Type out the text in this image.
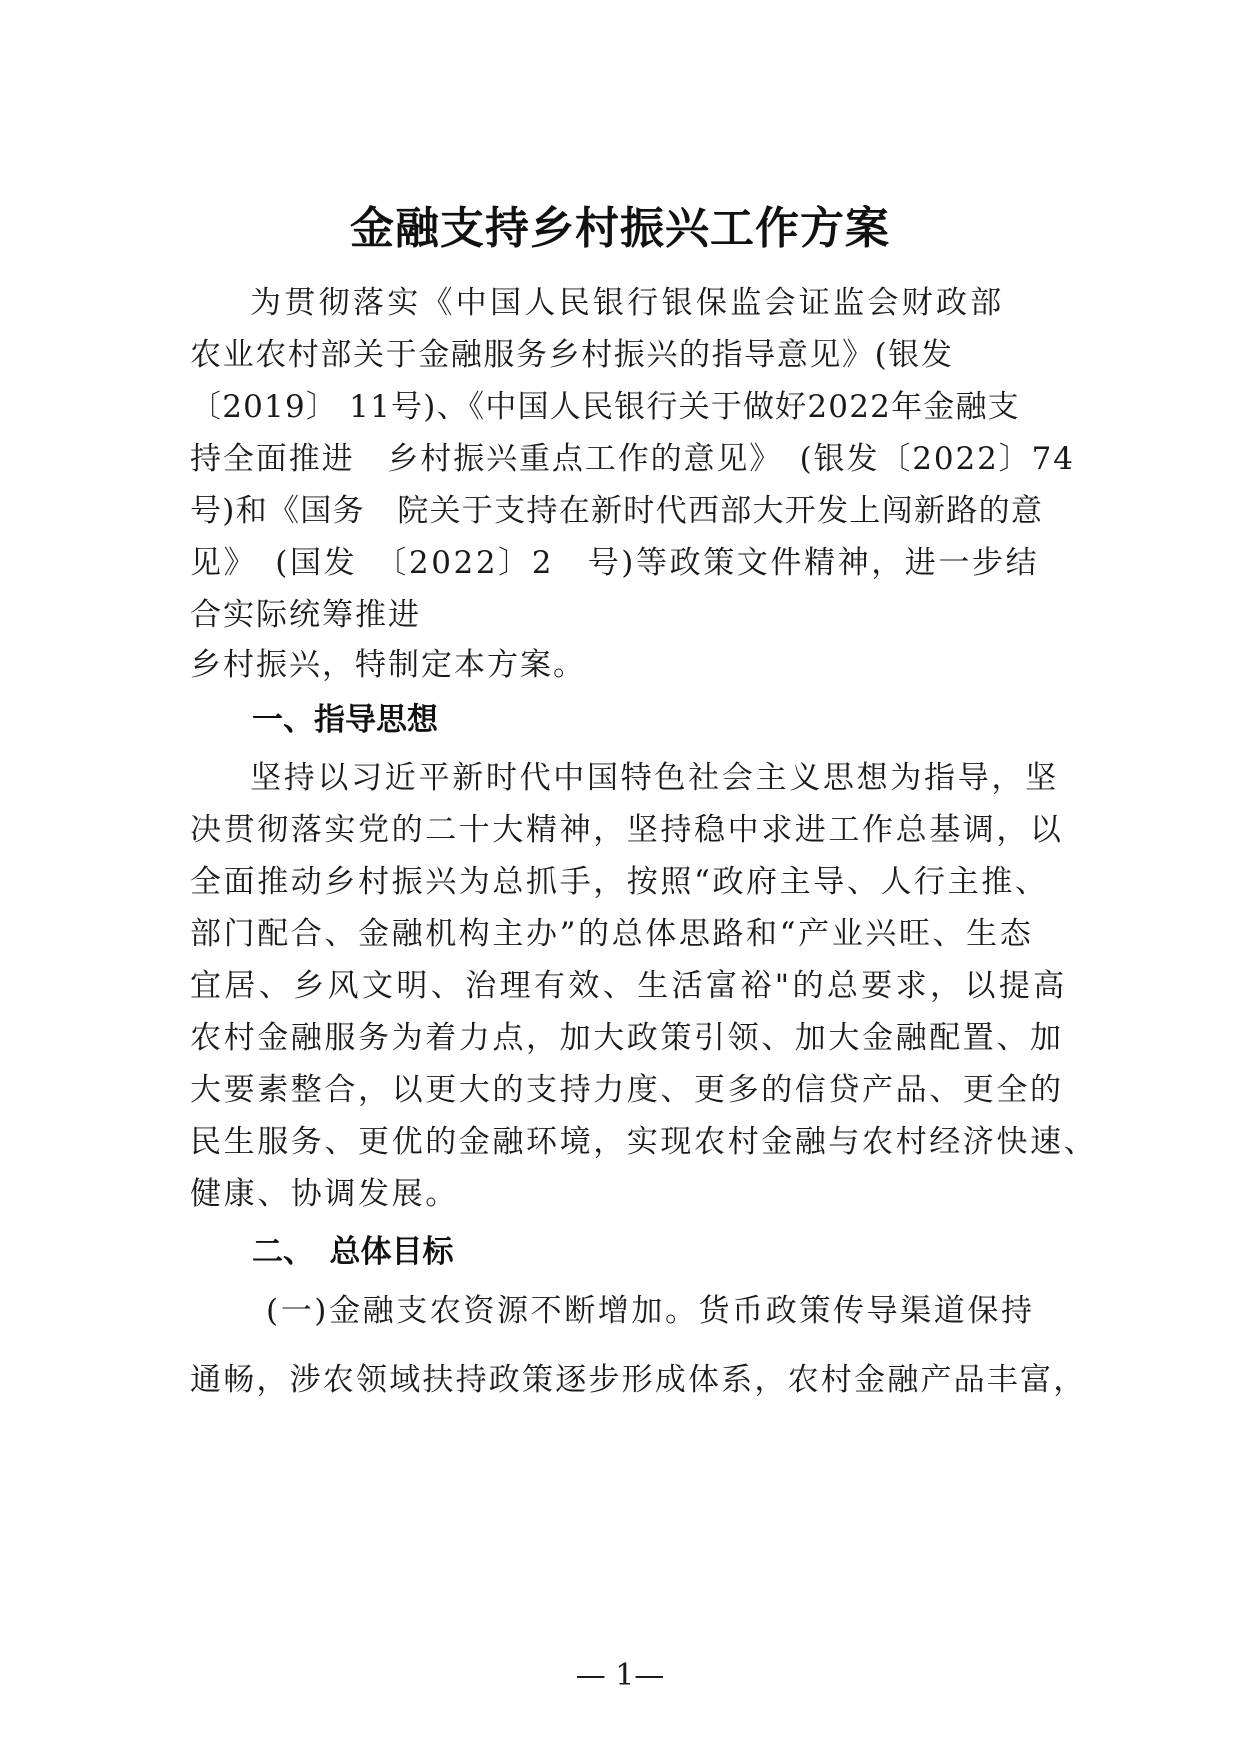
金融支持乡村振兴工作方案
为贯彻落实《中国人民银行银保监会证监会财政部
农业农村部关于金融服务乡村振兴的指导意见》(银发
〔2019〕 11号)、《中国人民银行关于做好2022年金融支
持全面推进　乡村振兴重点工作的意见》　(银发〔2022〕74
号)和《国务　院关于支持在新时代西部大开发上闯新路的意
见》　(国发　〔2022〕2　号)等政策文件精神，进一步结
合实际统筹推进
乡村振兴，特制定本方案。
一、指导思想
坚持以习近平新时代中国特色社会主义思想为指导，坚
决贯彻落实党的二十大精神，坚持稳中求进工作总基调，以
全面推动乡村振兴为总抓手，按照“政府主导、人行主推、
部门配合、金融机构主办”的总体思路和“产业兴旺、生态
宜居、乡风文明、治理有效、生活富裕"的总要求，以提高
农村金融服务为着力点，加大政策引领、加大金融配置、加
大要素整合，以更大的支持力度、更多的信贷产品、更全的
民生服务、更优的金融环境，实现农村金融与农村经济快速、
健康、协调发展。
二、　总体目标
(一)金融支农资源不断增加。货币政策传导渠道保持
通畅，涉农领域扶持政策逐步形成体系，农村金融产品丰富，
— 1—
